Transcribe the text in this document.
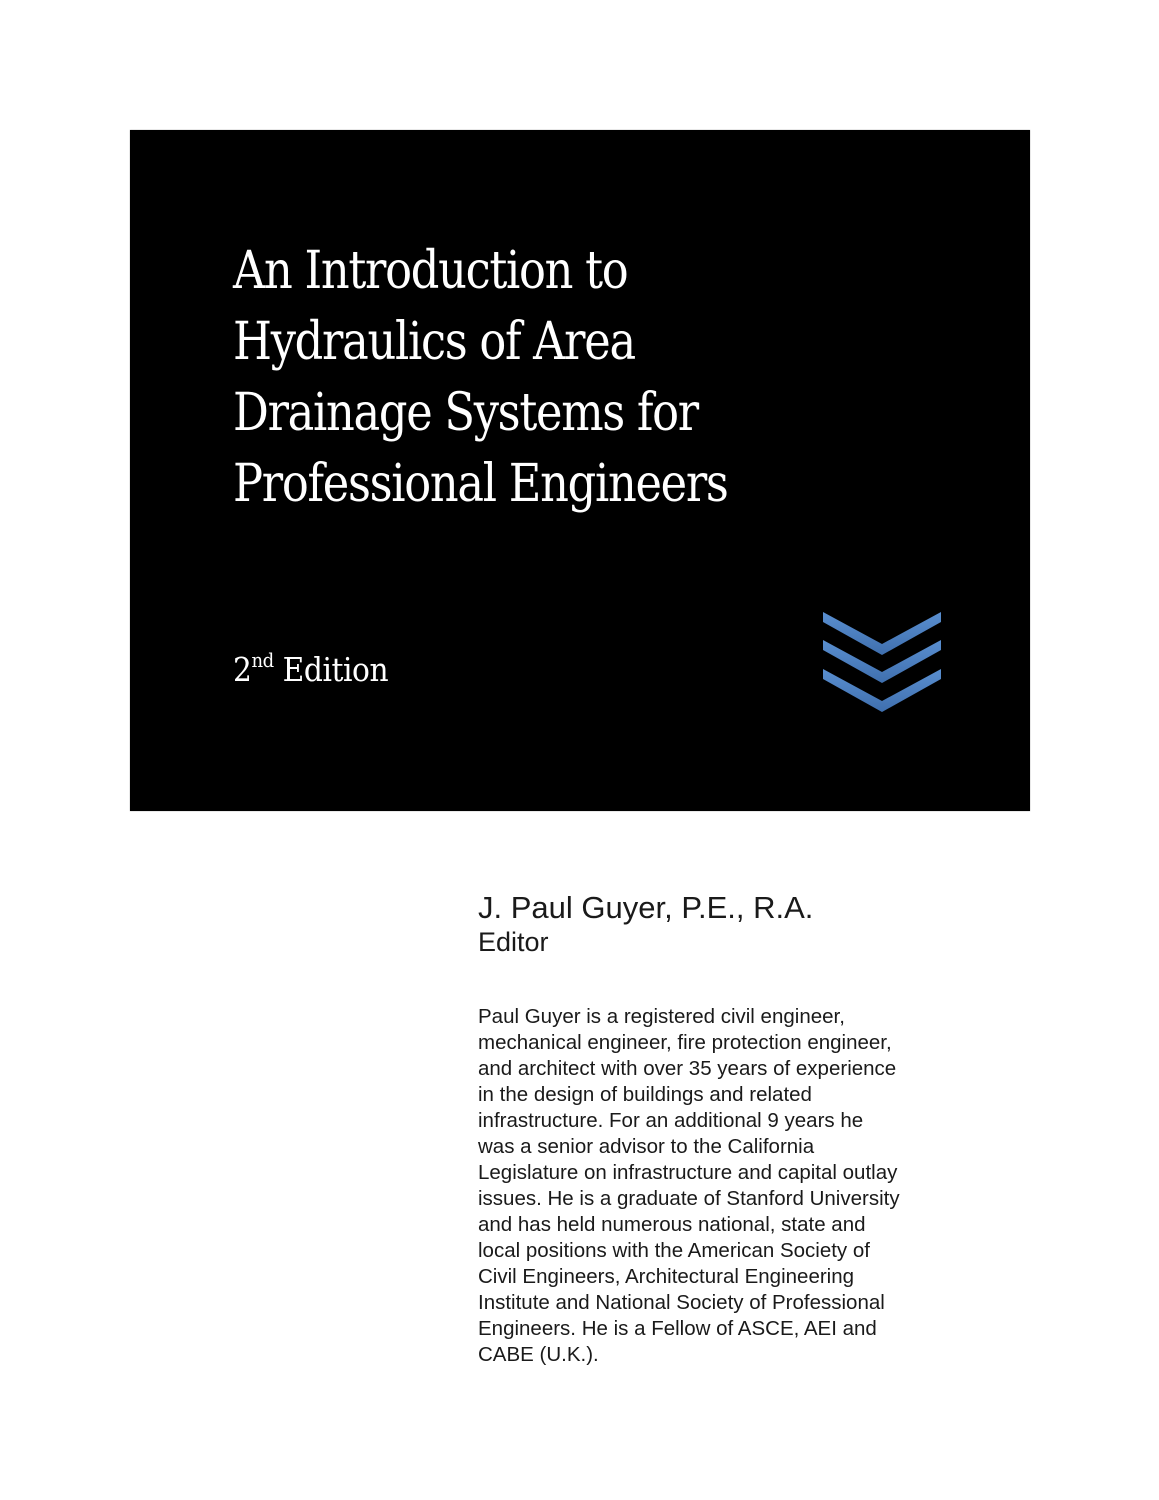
An Introduction to
Hydraulics of Area
Drainage Systems for
Professional Engineers
2nd Edition
J. Paul Guyer, P.E., R.A.
Editor
Paul Guyer is a registered civil engineer,
mechanical engineer, fire protection engineer,
and architect with over 35 years of experience
in the design of buildings and related
infrastructure. For an additional 9 years he
was a senior advisor to the California
Legislature on infrastructure and capital outlay
issues. He is a graduate of Stanford University
and has held numerous national, state and
local positions with the American Society of
Civil Engineers, Architectural Engineering
Institute and National Society of Professional
Engineers. He is a Fellow of ASCE, AEI and
CABE (U.K.).
